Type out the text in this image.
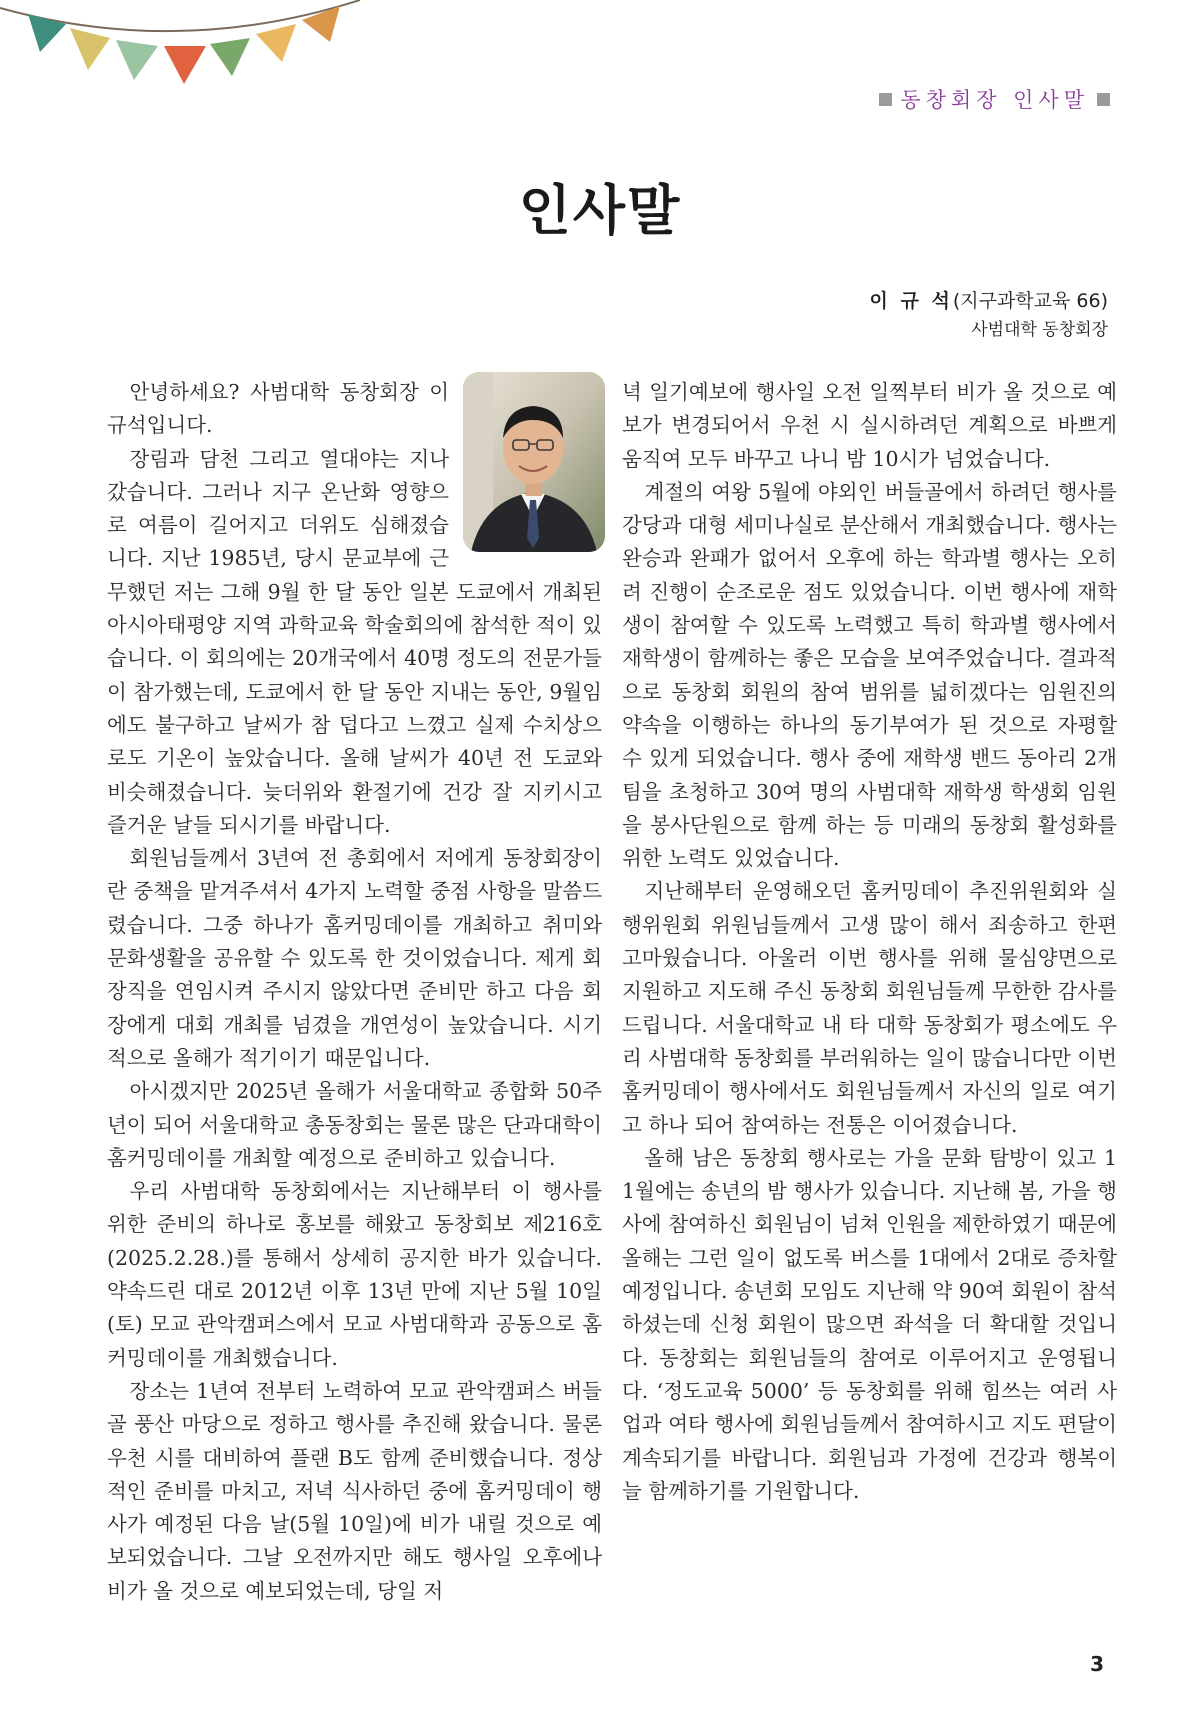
동창회장 인사말
인사말
이 규 석(지구과학교육 66)
사범대학 동창회장

안녕하세요? 사범대학 동창회장 이규석입니다.

장림과 담천 그리고 열대야는 지나갔습니다. 그러나 지구 온난화 영향으로 여름이 길어지고 더위도 심해졌습니다. 지난 1985년, 당시 문교부에 근무했던 저는 그해 9월 한 달 동안 일본 도쿄에서 개최된 아시아태평양 지역 과학교육 학술회의에 참석한 적이 있습니다. 이 회의에는 20개국에서 40명 정도의 전문가들이 참가했는데, 도쿄에서 한 달 동안 지내는 동안, 9월임에도 불구하고 날씨가 참 덥다고 느꼈고 실제 수치상으로도 기온이 높았습니다. 올해 날씨가 40년 전 도쿄와 비슷해졌습니다. 늦더위와 환절기에 건강 잘 지키시고 즐거운 날들 되시기를 바랍니다.

회원님들께서 3년여 전 총회에서 저에게 동창회장이란 중책을 맡겨주셔서 4가지 노력할 중점 사항을 말씀드렸습니다. 그중 하나가 홈커밍데이를 개최하고 취미와 문화생활을 공유할 수 있도록 한 것이었습니다. 제게 회장직을 연임시켜 주시지 않았다면 준비만 하고 다음 회장에게 대회 개최를 넘겼을 개연성이 높았습니다. 시기적으로 올해가 적기이기 때문입니다.

아시겠지만 2025년 올해가 서울대학교 종합화 50주년이 되어 서울대학교 총동창회는 물론 많은 단과대학이 홈커밍데이를 개최할 예정으로 준비하고 있습니다.

우리 사범대학 동창회에서는 지난해부터 이 행사를 위한 준비의 하나로 홍보를 해왔고 동창회보 제216호(2025.2.28.)를 통해서 상세히 공지한 바가 있습니다. 약속드린 대로 2012년 이후 13년 만에 지난 5월 10일(토) 모교 관악캠퍼스에서 모교 사범대학과 공동으로 홈커밍데이를 개최했습니다.

장소는 1년여 전부터 노력하여 모교 관악캠퍼스 버들골 풍산 마당으로 정하고 행사를 추진해 왔습니다. 물론 우천 시를 대비하여 플랜 B도 함께 준비했습니다. 정상적인 준비를 마치고, 저녁 식사하던 중에 홈커밍데이 행사가 예정된 다음 날(5월 10일)에 비가 내릴 것으로 예보되었습니다. 그날 오전까지만 해도 행사일 오후에나 비가 올 것으로 예보되었는데, 당일 저

녁 일기예보에 행사일 오전 일찍부터 비가 올 것으로 예보가 변경되어서 우천 시 실시하려던 계획으로 바쁘게 움직여 모두 바꾸고 나니 밤 10시가 넘었습니다.

계절의 여왕 5월에 야외인 버들골에서 하려던 행사를 강당과 대형 세미나실로 분산해서 개최했습니다. 행사는 완승과 완패가 없어서 오후에 하는 학과별 행사는 오히려 진행이 순조로운 점도 있었습니다. 이번 행사에 재학생이 참여할 수 있도록 노력했고 특히 학과별 행사에서 재학생이 함께하는 좋은 모습을 보여주었습니다. 결과적으로 동창회 회원의 참여 범위를 넓히겠다는 임원진의 약속을 이행하는 하나의 동기부여가 된 것으로 자평할 수 있게 되었습니다. 행사 중에 재학생 밴드 동아리 2개 팀을 초청하고 30여 명의 사범대학 재학생 학생회 임원을 봉사단원으로 함께 하는 등 미래의 동창회 활성화를 위한 노력도 있었습니다.

지난해부터 운영해오던 홈커밍데이 추진위원회와 실행위원회 위원님들께서 고생 많이 해서 죄송하고 한편 고마웠습니다. 아울러 이번 행사를 위해 물심양면으로 지원하고 지도해 주신 동창회 회원님들께 무한한 감사를 드립니다. 서울대학교 내 타 대학 동창회가 평소에도 우리 사범대학 동창회를 부러워하는 일이 많습니다만 이번 홈커밍데이 행사에서도 회원님들께서 자신의 일로 여기고 하나 되어 참여하는 전통은 이어졌습니다.

올해 남은 동창회 행사로는 가을 문화 탐방이 있고 11월에는 송년의 밤 행사가 있습니다. 지난해 봄, 가을 행사에 참여하신 회원님이 넘쳐 인원을 제한하였기 때문에 올해는 그런 일이 없도록 버스를 1대에서 2대로 증차할 예정입니다. 송년회 모임도 지난해 약 90여 회원이 참석하셨는데 신청 회원이 많으면 좌석을 더 확대할 것입니다. 동창회는 회원님들의 참여로 이루어지고 운영됩니다. ‘정도교육 5000’ 등 동창회를 위해 힘쓰는 여러 사업과 여타 행사에 회원님들께서 참여하시고 지도 편달이 계속되기를 바랍니다. 회원님과 가정에 건강과 행복이 늘 함께하기를 기원합니다.

3
